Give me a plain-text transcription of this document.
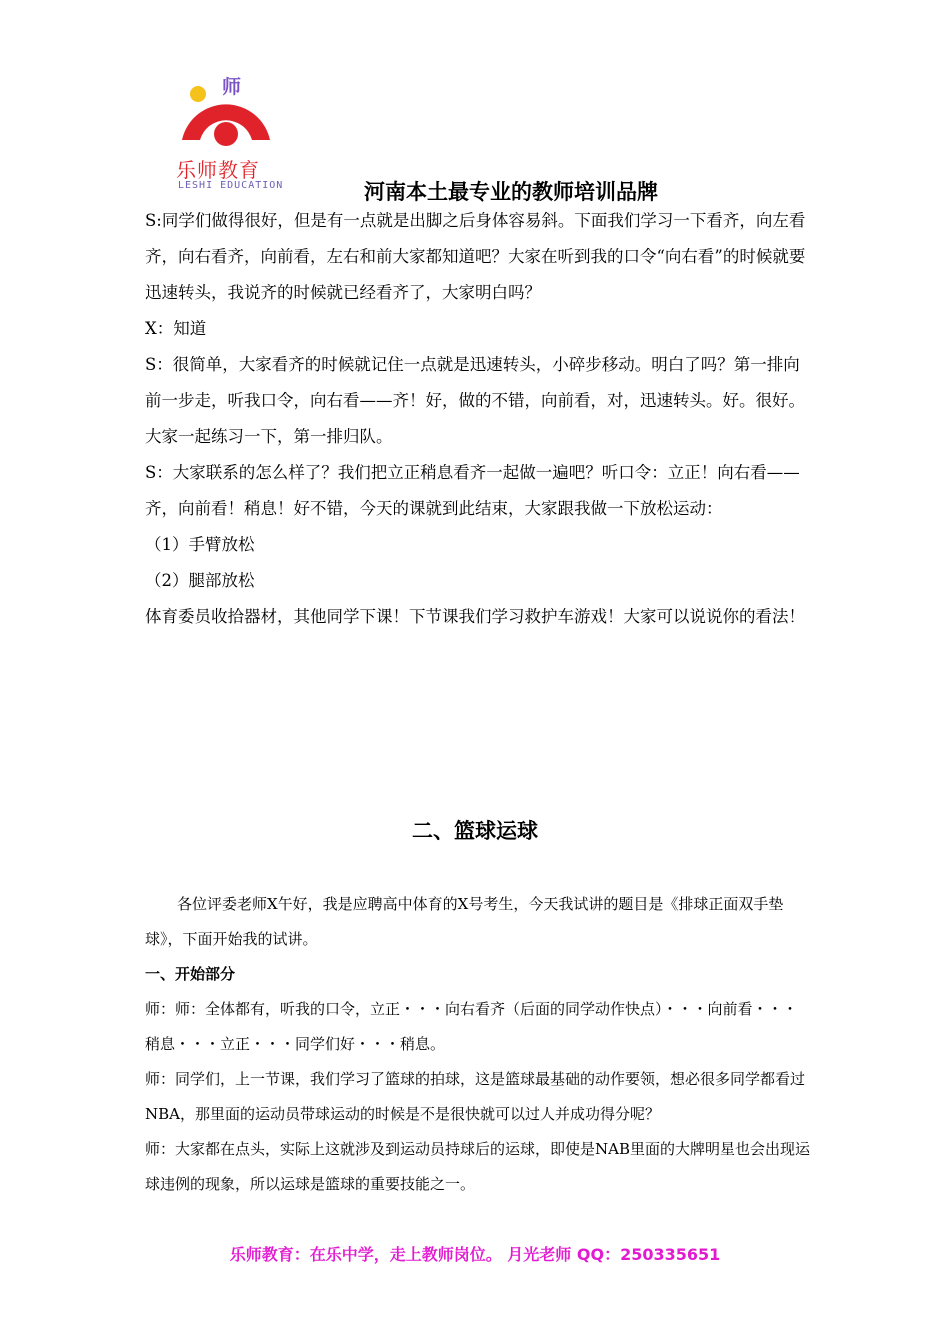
师
乐师教育
LESHI EDUCATION	河南本土最专业的教师培训品牌
S:同学们做得很好，但是有一点就是出脚之后身体容易斜。下面我们学习一下看齐，向左看齐，向右看齐，向前看，左右和前大家都知道吧？大家在听到我的口令“向右看”的时候就要迅速转头，我说齐的时候就已经看齐了，大家明白吗？
X：知道
S：很简单，大家看齐的时候就记住一点就是迅速转头，小碎步移动。明白了吗？第一排向前一步走，听我口令，向右看——齐！好，做的不错，向前看，对，迅速转头。好。很好。大家一起练习一下，第一排归队。
S：大家联系的怎么样了？我们把立正稍息看齐一起做一遍吧？听口令：立正！向右看——齐，向前看！稍息！好不错，今天的课就到此结束，大家跟我做一下放松运动：
（1）手臂放松
（2）腿部放松
体育委员收拾器材，其他同学下课！下节课我们学习救护车游戏！大家可以说说你的看法！
二、篮球运球
各位评委老师X午好，我是应聘高中体育的X号考生，今天我试讲的题目是《排球正面双手垫球》，下面开始我的试讲。
一、开始部分
师：师：全体都有，听我的口令，立正・・・向右看齐（后面的同学动作快点）・・・向前看・・・稍息・・・立正・・・同学们好・・・稍息。
师：同学们，上一节课，我们学习了篮球的拍球，这是篮球最基础的动作要领，想必很多同学都看过NBA，那里面的运动员带球运动的时候是不是很快就可以过人并成功得分呢？
师：大家都在点头，实际上这就涉及到运动员持球后的运球，即使是NAB里面的大牌明星也会出现运球违例的现象，所以运球是篮球的重要技能之一。
乐师教育：在乐中学，走上教师岗位。 月光老师 QQ：250335651
